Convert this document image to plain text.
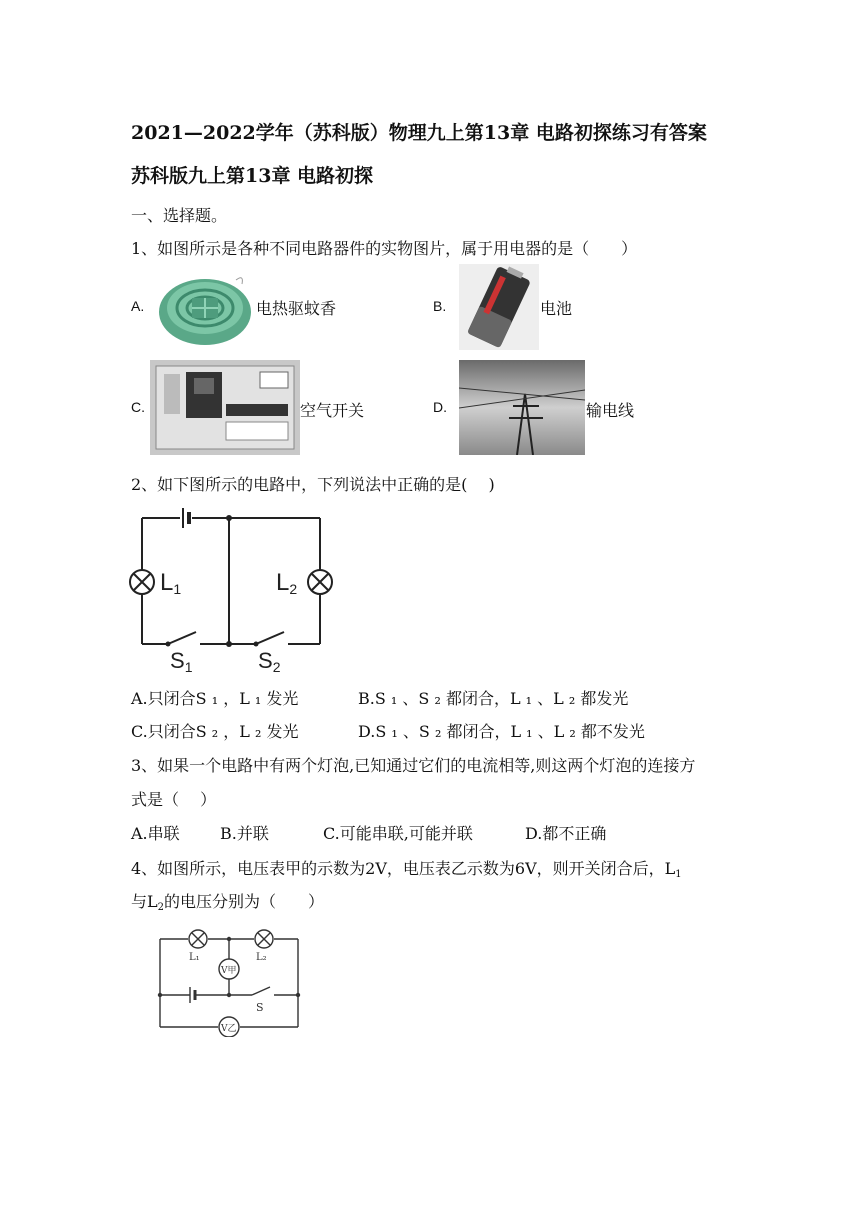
2021—2022学年（苏科版）物理九上第13章 电路初探练习有答案
苏科版九上第13章 电路初探
一、选择题。
1、如图所示是各种不同电路器件的实物图片，属于用电器的是（　　）
A.	电热驱蚊香	B.	电池
C.	空气开关	D.	输电线
2、如下图所示的电路中，下列说法中正确的是(　 )
L1	L2
S1	S2
A.只闭合S ₁ ，L ₁ 发光	B.S ₁ 、S ₂ 都闭合，L ₁ 、L ₂ 都发光
C.只闭合S ₂ ，L ₂ 发光	D.S ₁ 、S ₂ 都闭合，L ₁ 、L ₂ 都不发光
3、如果一个电路中有两个灯泡,已知通过它们的电流相等,则这两个灯泡的连接方
式是（　 ）
A.串联	B.并联	C.可能串联,可能并联	D.都不正确
4、如图所示，电压表甲的示数为2V，电压表乙示数为6V，则开关闭合后，$L_1$
与$L_2$的电压分别为（　　）
L₁	L₂
V甲
V乙
S
